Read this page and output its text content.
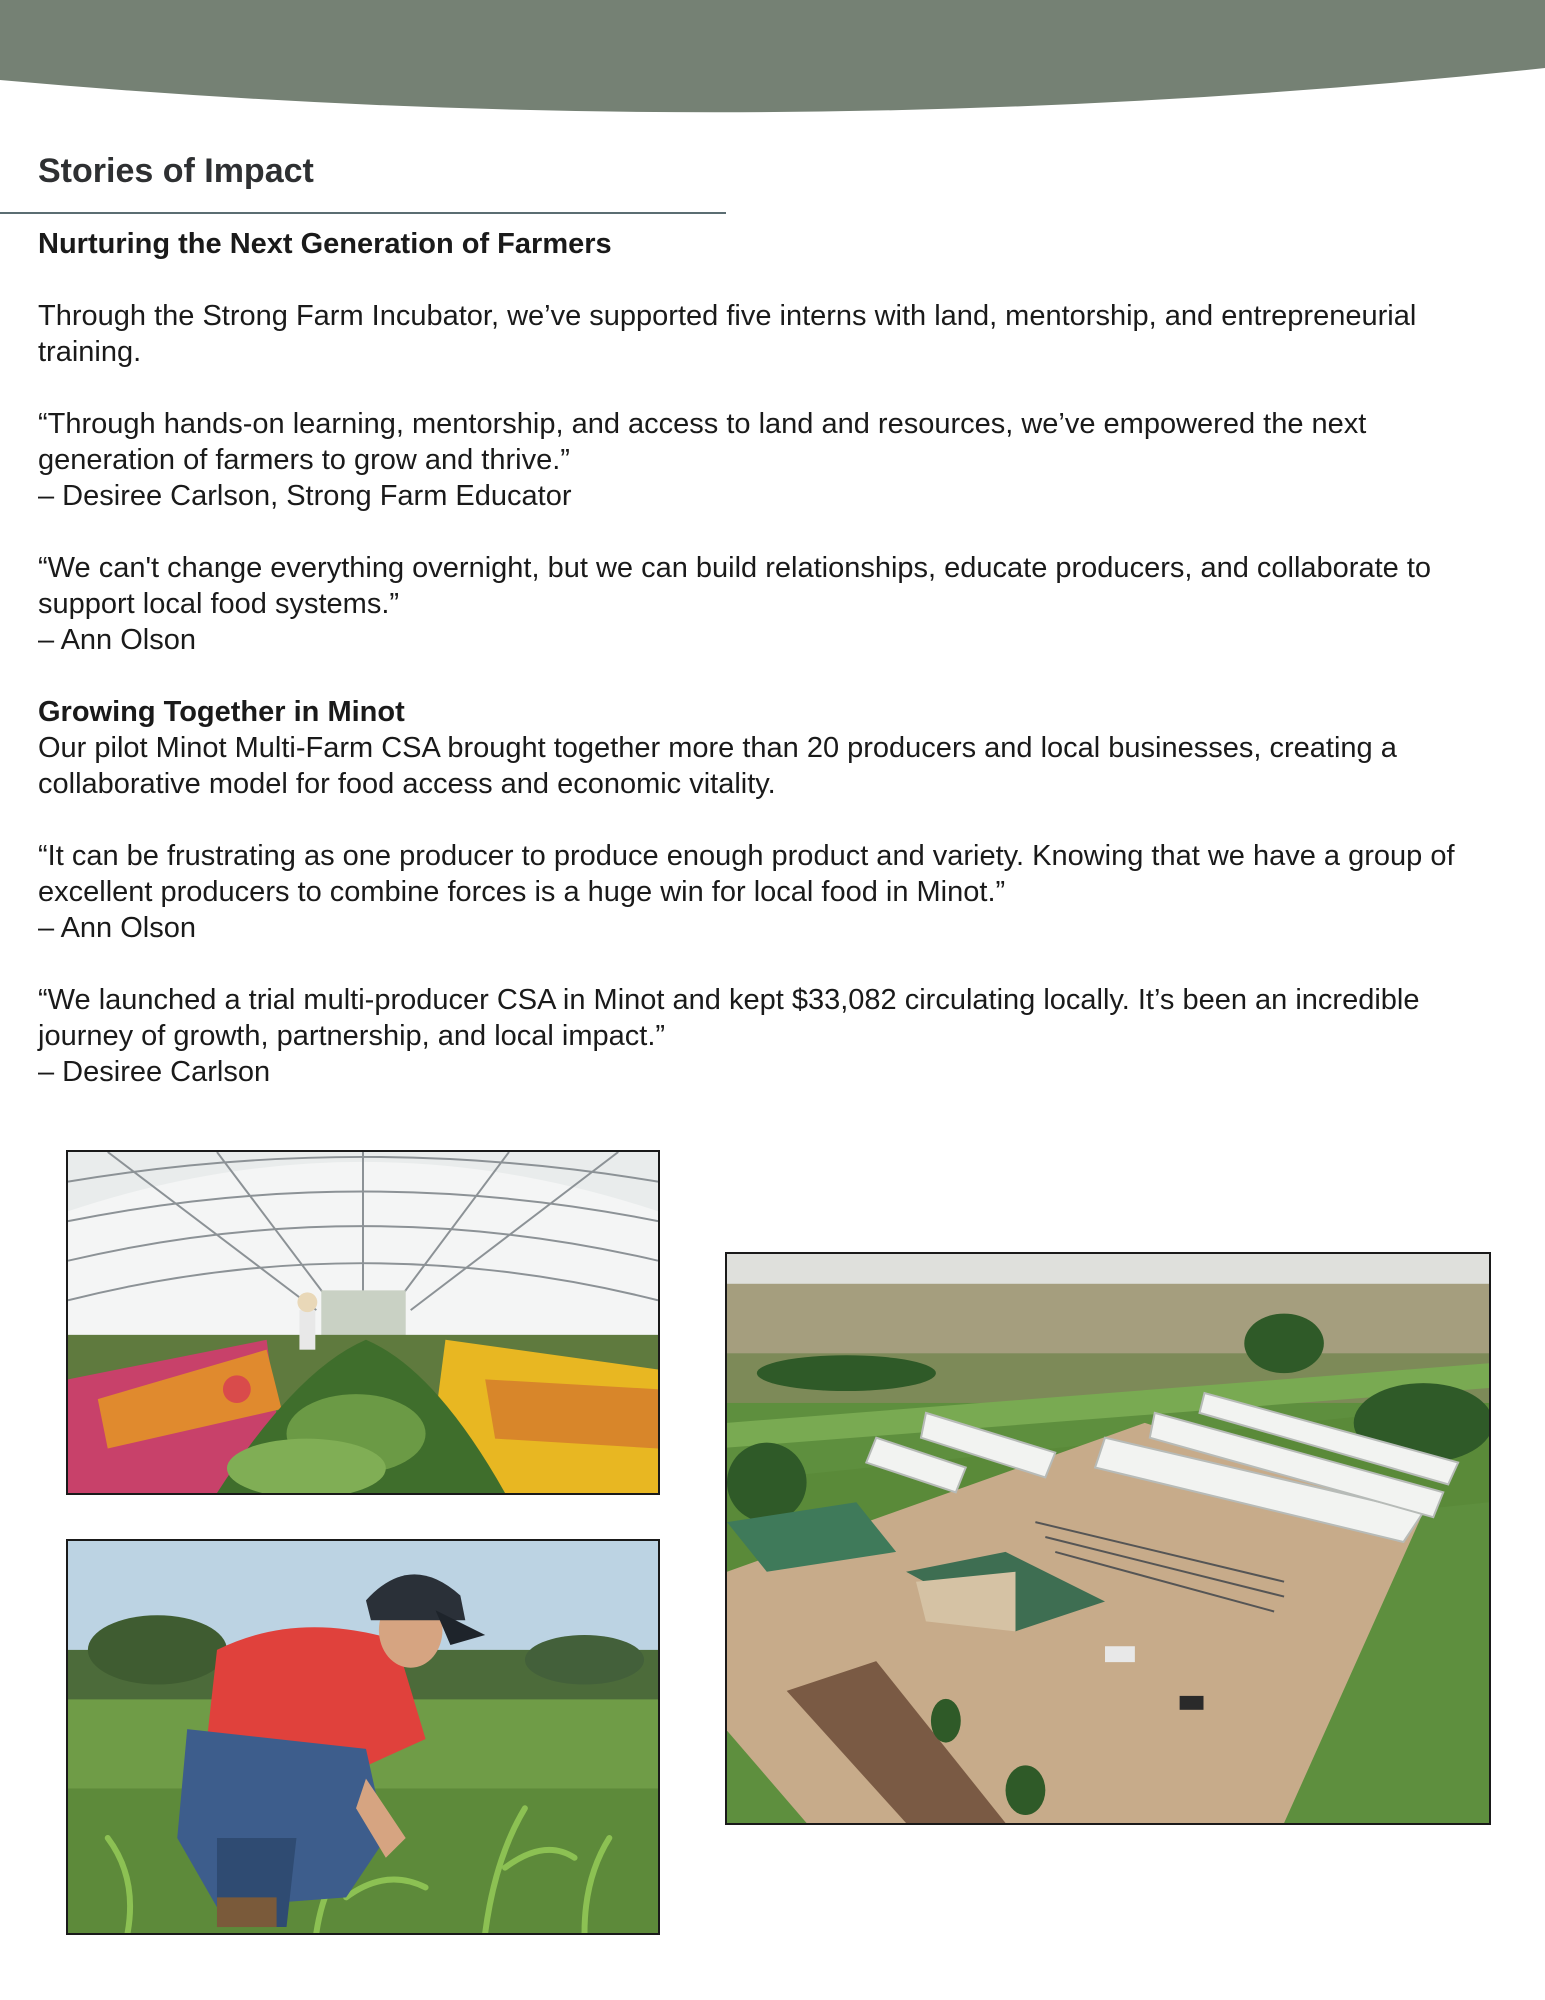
Stories of Impact
Nurturing the Next Generation of Farmers

Through the Strong Farm Incubator, we’ve supported five interns with land, mentorship, and entrepreneurial training.

“Through hands-on learning, mentorship, and access to land and resources, we’ve empowered the next generation of farmers to grow and thrive.”
– Desiree Carlson, Strong Farm Educator

“We can't change everything overnight, but we can build relationships, educate producers, and collaborate to support local food systems.”
– Ann Olson

Growing Together in Minot

Our pilot Minot Multi-Farm CSA brought together more than 20 producers and local businesses, creating a collaborative model for food access and economic vitality.

“It can be frustrating as one producer to produce enough product and variety. Knowing that we have a group of excellent producers to combine forces is a huge win for local food in Minot.”
– Ann Olson

“We launched a trial multi-producer CSA in Minot and kept $33,082 circulating locally. It’s been an incredible journey of growth, partnership, and local impact.”
– Desiree Carlson
